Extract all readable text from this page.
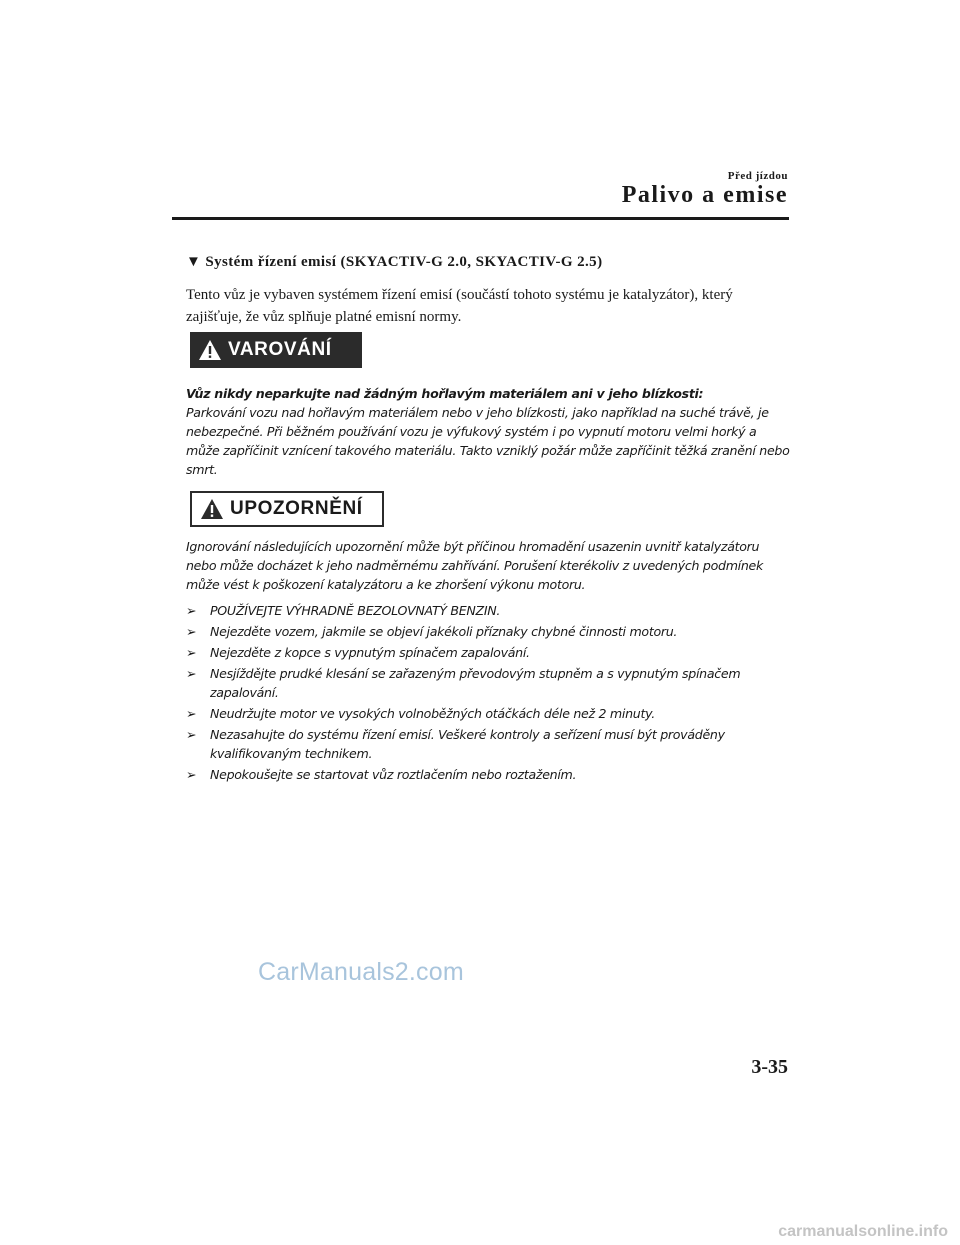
Před jízdou
Palivo a emise
▼ Systém řízení emisí (SKYACTIV-G 2.0, SKYACTIV-G 2.5)
Tento vůz je vybaven systémem řízení emisí (součástí tohoto systému je katalyzátor), který zajišťuje, že vůz splňuje platné emisní normy.
VAROVÁNÍ
Vůz nikdy neparkujte nad žádným hořlavým materiálem ani v jeho blízkosti:
Parkování vozu nad hořlavým materiálem nebo v jeho blízkosti, jako například na suché trávě, je nebezpečné. Při běžném používání vozu je výfukový systém i po vypnutí motoru velmi horký a může zapříčinit vznícení takového materiálu. Takto vzniklý požár může zapříčinit těžká zranění nebo smrt.
UPOZORNĚNÍ
Ignorování následujících upozornění může být příčinou hromadění usazenin uvnitř katalyzátoru nebo může docházet k jeho nadměrnému zahřívání. Porušení kterékoliv z uvedených podmínek může vést k poškození katalyzátoru a ke zhoršení výkonu motoru.
➢ POUŽÍVEJTE VÝHRADNĚ BEZOLOVNATÝ BENZIN.
➢ Nejezděte vozem, jakmile se objeví jakékoli příznaky chybné činnosti motoru.
➢ Nejezděte z kopce s vypnutým spínačem zapalování.
➢ Nesjíždějte prudké klesání se zařazeným převodovým stupněm a s vypnutým spínačem zapalování.
➢ Neudržujte motor ve vysokých volnoběžných otáčkách déle než 2 minuty.
➢ Nezasahujte do systému řízení emisí. Veškeré kontroly a seřízení musí být prováděny kvalifikovaným technikem.
➢ Nepokoušejte se startovat vůz roztlačením nebo roztažením.
CarManuals2.com
3-35
carmanualsonline.info
